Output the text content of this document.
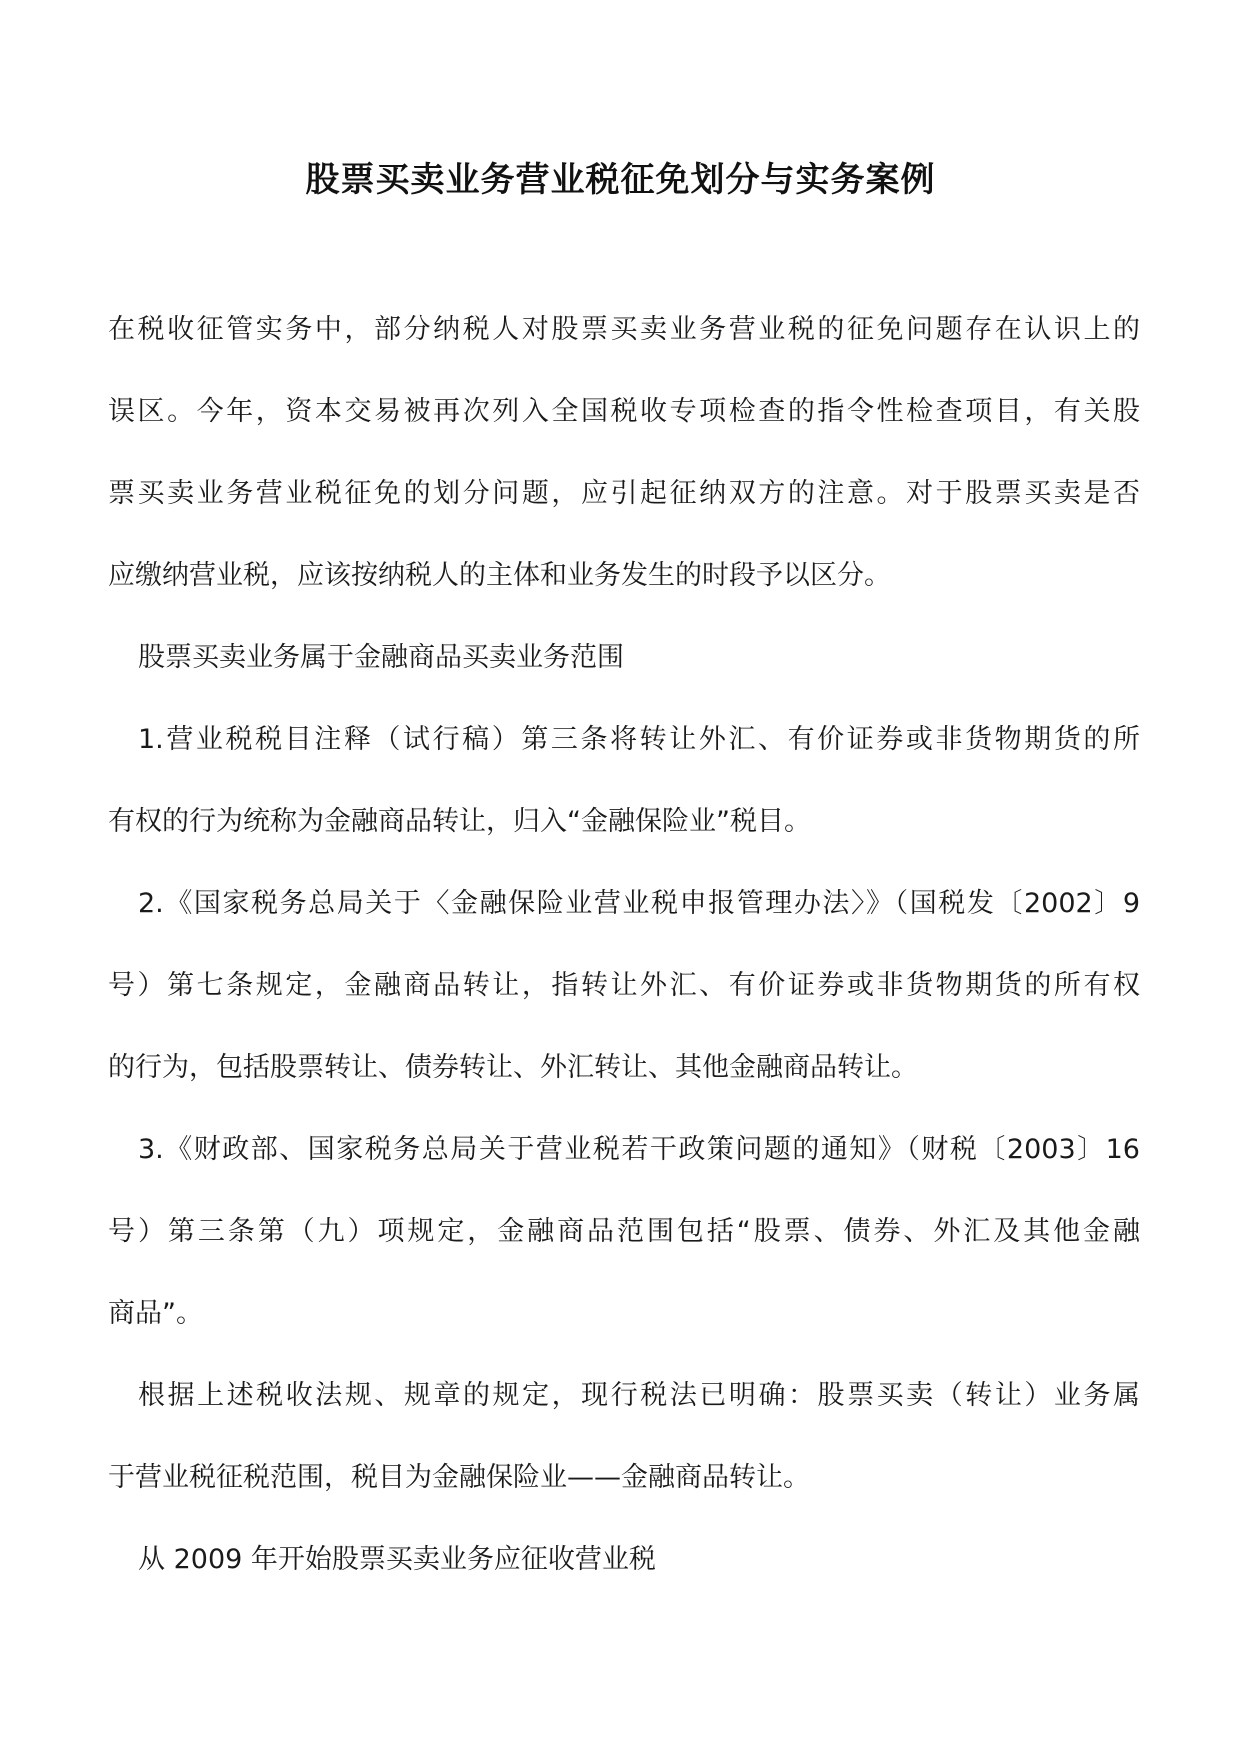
股票买卖业务营业税征免划分与实务案例
在税收征管实务中，部分纳税人对股票买卖业务营业税的征免问题存在认识上的
误区。今年，资本交易被再次列入全国税收专项检查的指令性检查项目，有关股
票买卖业务营业税征免的划分问题，应引起征纳双方的注意。对于股票买卖是否
应缴纳营业税，应该按纳税人的主体和业务发生的时段予以区分。
股票买卖业务属于金融商品买卖业务范围
1.营业税税目注释（试行稿）第三条将转让外汇、有价证券或非货物期货的所
有权的行为统称为金融商品转让，归入“金融保险业”税目。
2.《国家税务总局关于〈金融保险业营业税申报管理办法〉》（国税发〔2002〕9
号）第七条规定，金融商品转让，指转让外汇、有价证券或非货物期货的所有权
的行为，包括股票转让、债券转让、外汇转让、其他金融商品转让。
3.《财政部、国家税务总局关于营业税若干政策问题的通知》（财税〔2003〕16
号）第三条第（九）项规定，金融商品范围包括“股票、债券、外汇及其他金融
商品”。
根据上述税收法规、规章的规定，现行税法已明确：股票买卖（转让）业务属
于营业税征税范围，税目为金融保险业——金融商品转让。
从 2009 年开始股票买卖业务应征收营业税
